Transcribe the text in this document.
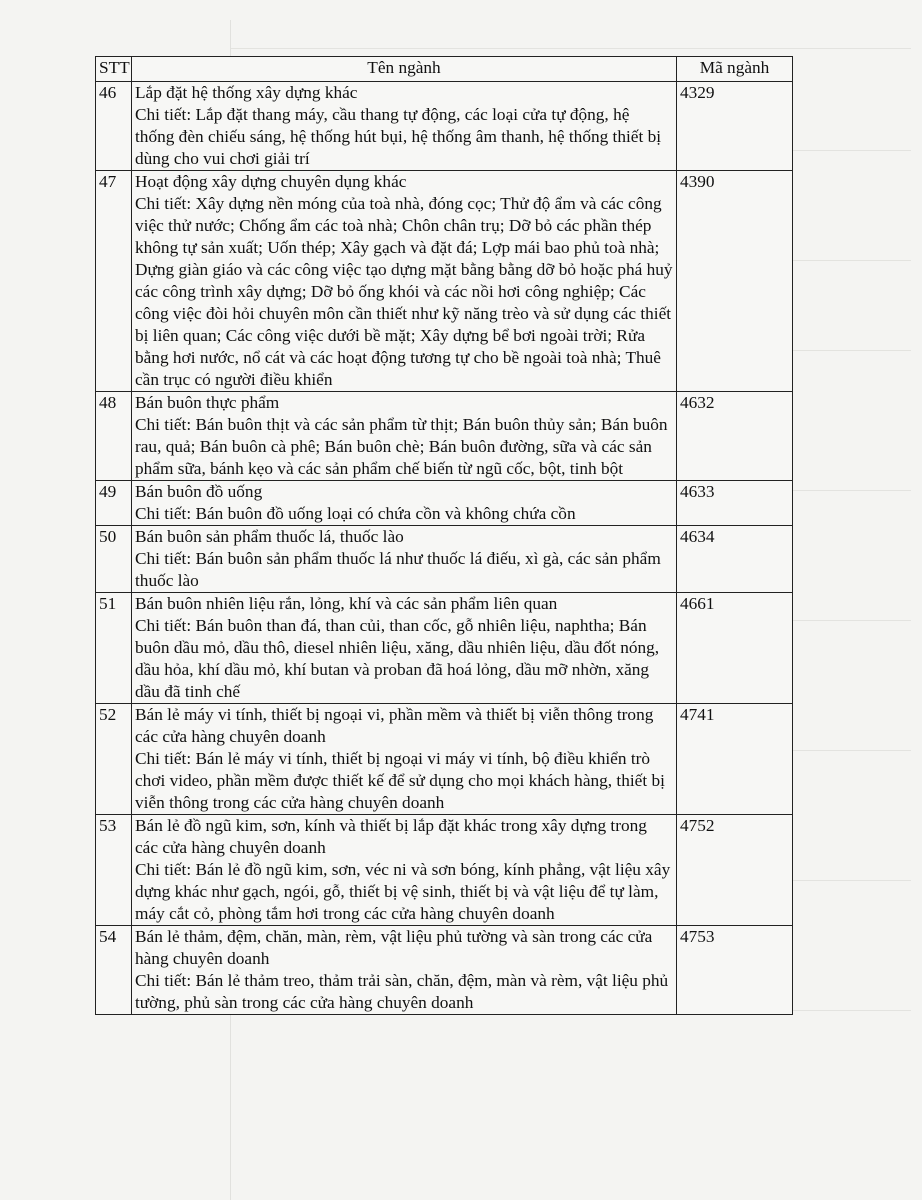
STT	Tên ngành	Mã ngành
46	Lắp đặt hệ thống xây dựng khác
Chi tiết: Lắp đặt thang máy, cầu thang tự động, các loại cửa tự động, hệ thống đèn chiếu sáng, hệ thống hút bụi, hệ thống âm thanh, hệ thống thiết bị dùng cho vui chơi giải trí	4329
47	Hoạt động xây dựng chuyên dụng khác
Chi tiết: Xây dựng nền móng của toà nhà, đóng cọc; Thử độ ẩm và các công việc thử nước; Chống ẩm các toà nhà; Chôn chân trụ; Dỡ bỏ các phần thép không tự sản xuất; Uốn thép; Xây gạch và đặt đá; Lợp mái bao phủ toà nhà; Dựng giàn giáo và các công việc tạo dựng mặt bằng bằng dỡ bỏ hoặc phá huỷ các công trình xây dựng; Dỡ bỏ ống khói và các nồi hơi công nghiệp; Các công việc đòi hỏi chuyên môn cần thiết như kỹ năng trèo và sử dụng các thiết bị liên quan; Các công việc dưới bề mặt; Xây dựng bể bơi ngoài trời; Rửa bằng hơi nước, nổ cát và các hoạt động tương tự cho bề ngoài toà nhà; Thuê cần trục có người điều khiển	4390
48	Bán buôn thực phẩm
Chi tiết: Bán buôn thịt và các sản phẩm từ thịt; Bán buôn thủy sản; Bán buôn rau, quả; Bán buôn cà phê; Bán buôn chè; Bán buôn đường, sữa và các sản phẩm sữa, bánh kẹo và các sản phẩm chế biến từ ngũ cốc, bột, tinh bột	4632
49	Bán buôn đồ uống
Chi tiết: Bán buôn đồ uống loại có chứa cồn và không chứa cồn	4633
50	Bán buôn sản phẩm thuốc lá, thuốc lào
Chi tiết: Bán buôn sản phẩm thuốc lá như thuốc lá điếu, xì gà, các sản phẩm thuốc lào	4634
51	Bán buôn nhiên liệu rắn, lỏng, khí và các sản phẩm liên quan
Chi tiết: Bán buôn than đá, than củi, than cốc, gỗ nhiên liệu, naphtha; Bán buôn dầu mỏ, dầu thô, diesel nhiên liệu, xăng, dầu nhiên liệu, dầu đốt nóng, dầu hỏa, khí dầu mỏ, khí butan và proban đã hoá lỏng, dầu mỡ nhờn, xăng dầu đã tinh chế	4661
52	Bán lẻ máy vi tính, thiết bị ngoại vi, phần mềm và thiết bị viễn thông trong các cửa hàng chuyên doanh
Chi tiết: Bán lẻ máy vi tính, thiết bị ngoại vi máy vi tính, bộ điều khiển trò chơi video, phần mềm được thiết kế để sử dụng cho mọi khách hàng, thiết bị viễn thông trong các cửa hàng chuyên doanh	4741
53	Bán lẻ đồ ngũ kim, sơn, kính và thiết bị lắp đặt khác trong xây dựng trong các cửa hàng chuyên doanh
Chi tiết: Bán lẻ đồ ngũ kim, sơn, véc ni và sơn bóng, kính phẳng, vật liệu xây dựng khác như gạch, ngói, gỗ, thiết bị vệ sinh, thiết bị và vật liệu để tự làm, máy cắt cỏ, phòng tắm hơi trong các cửa hàng chuyên doanh	4752
54	Bán lẻ thảm, đệm, chăn, màn, rèm, vật liệu phủ tường và sàn trong các cửa hàng chuyên doanh
Chi tiết: Bán lẻ thảm treo, thảm trải sàn, chăn, đệm, màn và rèm, vật liệu phủ tường, phủ sàn trong các cửa hàng chuyên doanh	4753
